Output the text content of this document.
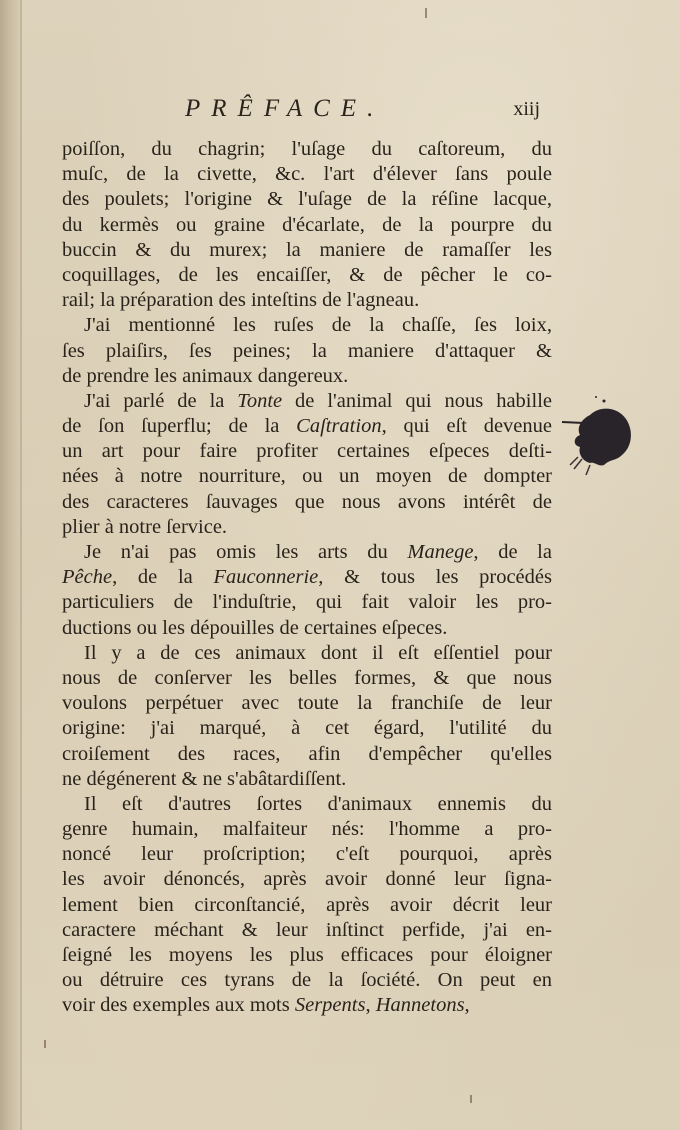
PRÊFACE.	xiij
poiſſon, du chagrin; l'uſage du caſtoreum, du
muſc, de la civette, &c. l'art d'élever ſans poule
des poulets; l'origine & l'uſage de la réſine lacque,
du kermès ou graine d'écarlate, de la pourpre du
buccin & du murex; la maniere de ramaſſer les
coquillages, de les encaiſſer, & de pêcher le co-
rail; la préparation des inteſtins de l'agneau.
J'ai mentionné les ruſes de la chaſſe, ſes loix,
ſes plaiſirs, ſes peines; la maniere d'attaquer &
de prendre les animaux dangereux.
J'ai parlé de la Tonte de l'animal qui nous habille
de ſon ſuperflu; de la Caſtration, qui eſt devenue
un art pour faire profiter certaines eſpeces deſti-
nées à notre nourriture, ou un moyen de dompter
des caracteres ſauvages que nous avons intérêt de
plier à notre ſervice.
Je n'ai pas omis les arts du Manege, de la
Pêche, de la Fauconnerie, & tous les procédés
particuliers de l'induſtrie, qui fait valoir les pro-
ductions ou les dépouilles de certaines eſpeces.
Il y a de ces animaux dont il eſt eſſentiel pour
nous de conſerver les belles formes, & que nous
voulons perpétuer avec toute la franchiſe de leur
origine: j'ai marqué, à cet égard, l'utilité du
croiſement des races, afin d'empêcher qu'elles
ne dégénerent & ne s'abâtardiſſent.
Il eſt d'autres ſortes d'animaux ennemis du
genre humain, malfaiteur nés: l'homme a pro-
noncé leur proſcription; c'eſt pourquoi, après
les avoir dénoncés, après avoir donné leur ſigna-
lement bien circonſtancié, après avoir décrit leur
caractere méchant & leur inſtinct perfide, j'ai en-
ſeigné les moyens les plus efficaces pour éloigner
ou détruire ces tyrans de la ſociété. On peut en
voir des exemples aux mots Serpents, Hannetons,
